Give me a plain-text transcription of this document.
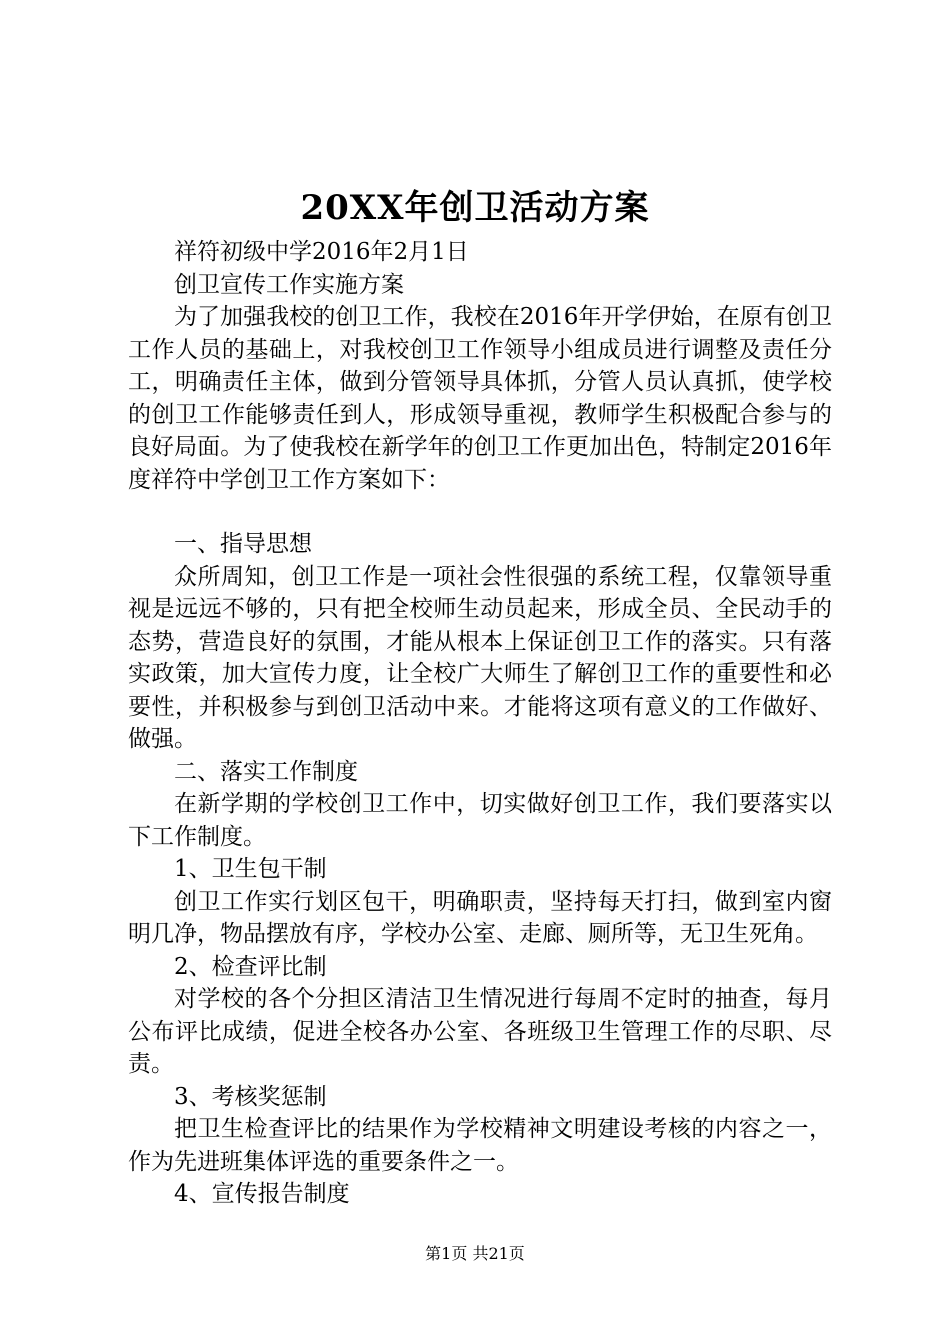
20XX年创卫活动方案

祥符初级中学2016年2月1日

创卫宣传工作实施方案

为了加强我校的创卫工作，我校在2016年开学伊始，在原有创卫工作人员的基础上，对我校创卫工作领导小组成员进行调整及责任分工，明确责任主体，做到分管领导具体抓，分管人员认真抓，使学校的创卫工作能够责任到人，形成领导重视，教师学生积极配合参与的良好局面。为了使我校在新学年的创卫工作更加出色，特制定2016年度祥符中学创卫工作方案如下：

一、指导思想

众所周知，创卫工作是一项社会性很强的系统工程，仅靠领导重视是远远不够的，只有把全校师生动员起来，形成全员、全民动手的态势，营造良好的氛围，才能从根本上保证创卫工作的落实。只有落实政策，加大宣传力度，让全校广大师生了解创卫工作的重要性和必要性，并积极参与到创卫活动中来。才能将这项有意义的工作做好、做强。

二、落实工作制度

在新学期的学校创卫工作中，切实做好创卫工作，我们要落实以下工作制度。

1、卫生包干制

创卫工作实行划区包干，明确职责，坚持每天打扫，做到室内窗明几净，物品摆放有序，学校办公室、走廊、厕所等，无卫生死角。

2、检查评比制

对学校的各个分担区清洁卫生情况进行每周不定时的抽查，每月公布评比成绩，促进全校各办公室、各班级卫生管理工作的尽职、尽责。

3、考核奖惩制

把卫生检查评比的结果作为学校精神文明建设考核的内容之一，作为先进班集体评选的重要条件之一。

4、宣传报告制度

第1页 共21页
